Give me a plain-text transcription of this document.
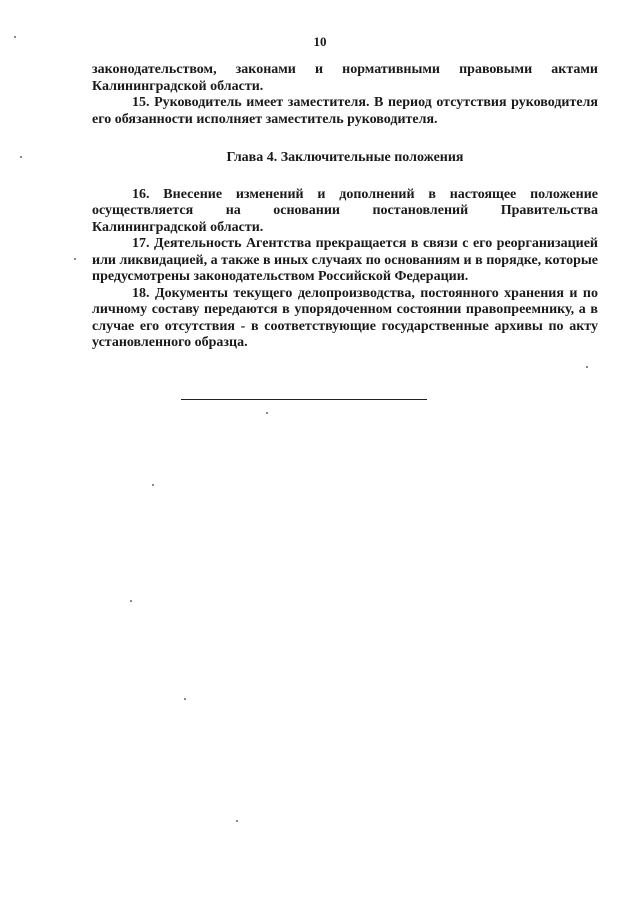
10

законодательством, законами и нормативными правовыми актами Калининградской области.

15. Руководитель имеет заместителя. В период отсутствия руководителя его обязанности исполняет заместитель руководителя.

Глава 4. Заключительные положения

16. Внесение изменений и дополнений в настоящее положение осуществляется на основании постановлений Правительства Калининградской области.

17. Деятельность Агентства прекращается в связи с его реорганизацией или ликвидацией, а также в иных случаях по основаниям и в порядке, которые предусмотрены законодательством Российской Федерации.

18. Документы текущего делопроизводства, постоянного хранения и по личному составу передаются в упорядоченном состоянии правопреемнику, а в случае его отсутствия - в соответствующие государственные архивы по акту установленного образца.
